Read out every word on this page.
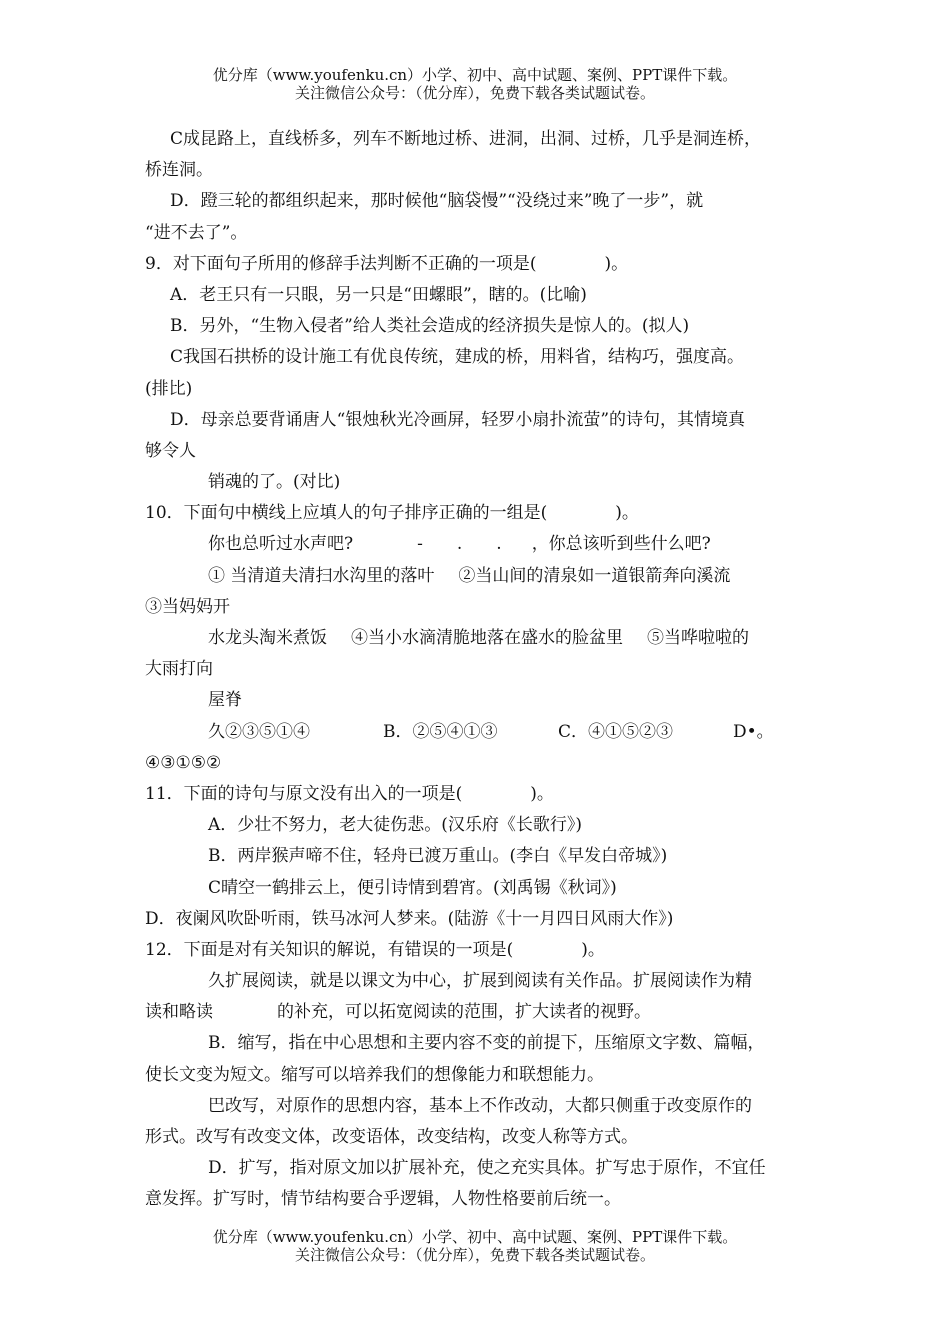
优分库（www.youfenku.cn）小学、初中、高中试题、案例、PPT课件下载。
关注微信公众号：（优分库），免费下载各类试题试卷。
C成昆路上，直线桥多，列车不断地过桥、进洞，出洞、过桥，几乎是洞连桥，
桥连洞。
D．蹬三轮的都组织起来，那时候他“脑袋慢”“没绕过来”晚了一步”，就
“进不去了”。
9．对下面句子所用的修辞手法判断不正确的一项是(　　　　)。
A．老王只有一只眼，另一只是“田螺眼”，瞎的。(比喻)
B．另外，“生物入侵者”给人类社会造成的经济损失是惊人的。(拟人)
C我国石拱桥的设计施工有优良传统，建成的桥，用料省，结构巧，强度高。
(排比)
D．母亲总要背诵唐人“银烛秋光冷画屏，轻罗小扇扑流萤”的诗句，其情境真
够令人
销魂的了。(对比)
10．下面句中横线上应填人的句子排序正确的一组是(　　　　)。
你也总听过水声吧?	-　　.　　. ，你总该听到些什么吧?
① 当清道夫清扫水沟里的落叶 ②当山间的清泉如一道银箭奔向溪流
③当妈妈开
水龙头淘米煮饭 ④当小水滴清脆地落在盛水的脸盆里 ⑤当哗啦啦的
大雨打向
屋脊
久②③⑤①④	B．②⑤④①③	C．④①⑤②③	D•。
④③①⑤②
11．下面的诗句与原文没有出入的一项是(　　　　)。
A．少壮不努力，老大徒伤悲。(汉乐府《长歌行》)
B．两岸猴声啼不住，轻舟已渡万重山。(李白《早发白帝城》)
C晴空一鹤排云上，便引诗情到碧宵。(刘禹锡《秋词》)
D．夜阑风吹卧听雨，铁马冰河人梦来。(陆游《十一月四日风雨大作》)
12．下面是对有关知识的解说，有错误的一项是(　　　　)。
久扩展阅读，就是以课文为中心，扩展到阅读有关作品。扩展阅读作为精
读和略读	的补充，可以拓宽阅读的范围，扩大读者的视野。
B．缩写，指在中心思想和主要内容不变的前提下，压缩原文字数、篇幅，
使长文变为短文。缩写可以培养我们的想像能力和联想能力。
巴改写，对原作的思想内容，基本上不作改动，大都只侧重于改变原作的
形式。改写有改变文体，改变语体，改变结构，改变人称等方式。
D．扩写，指对原文加以扩展补充，使之充实具体。扩写忠于原作，不宜任
意发挥。扩写时，情节结构要合乎逻辑，人物性格要前后统一。
优分库（www.youfenku.cn）小学、初中、高中试题、案例、PPT课件下载。
关注微信公众号：（优分库），免费下载各类试题试卷。
